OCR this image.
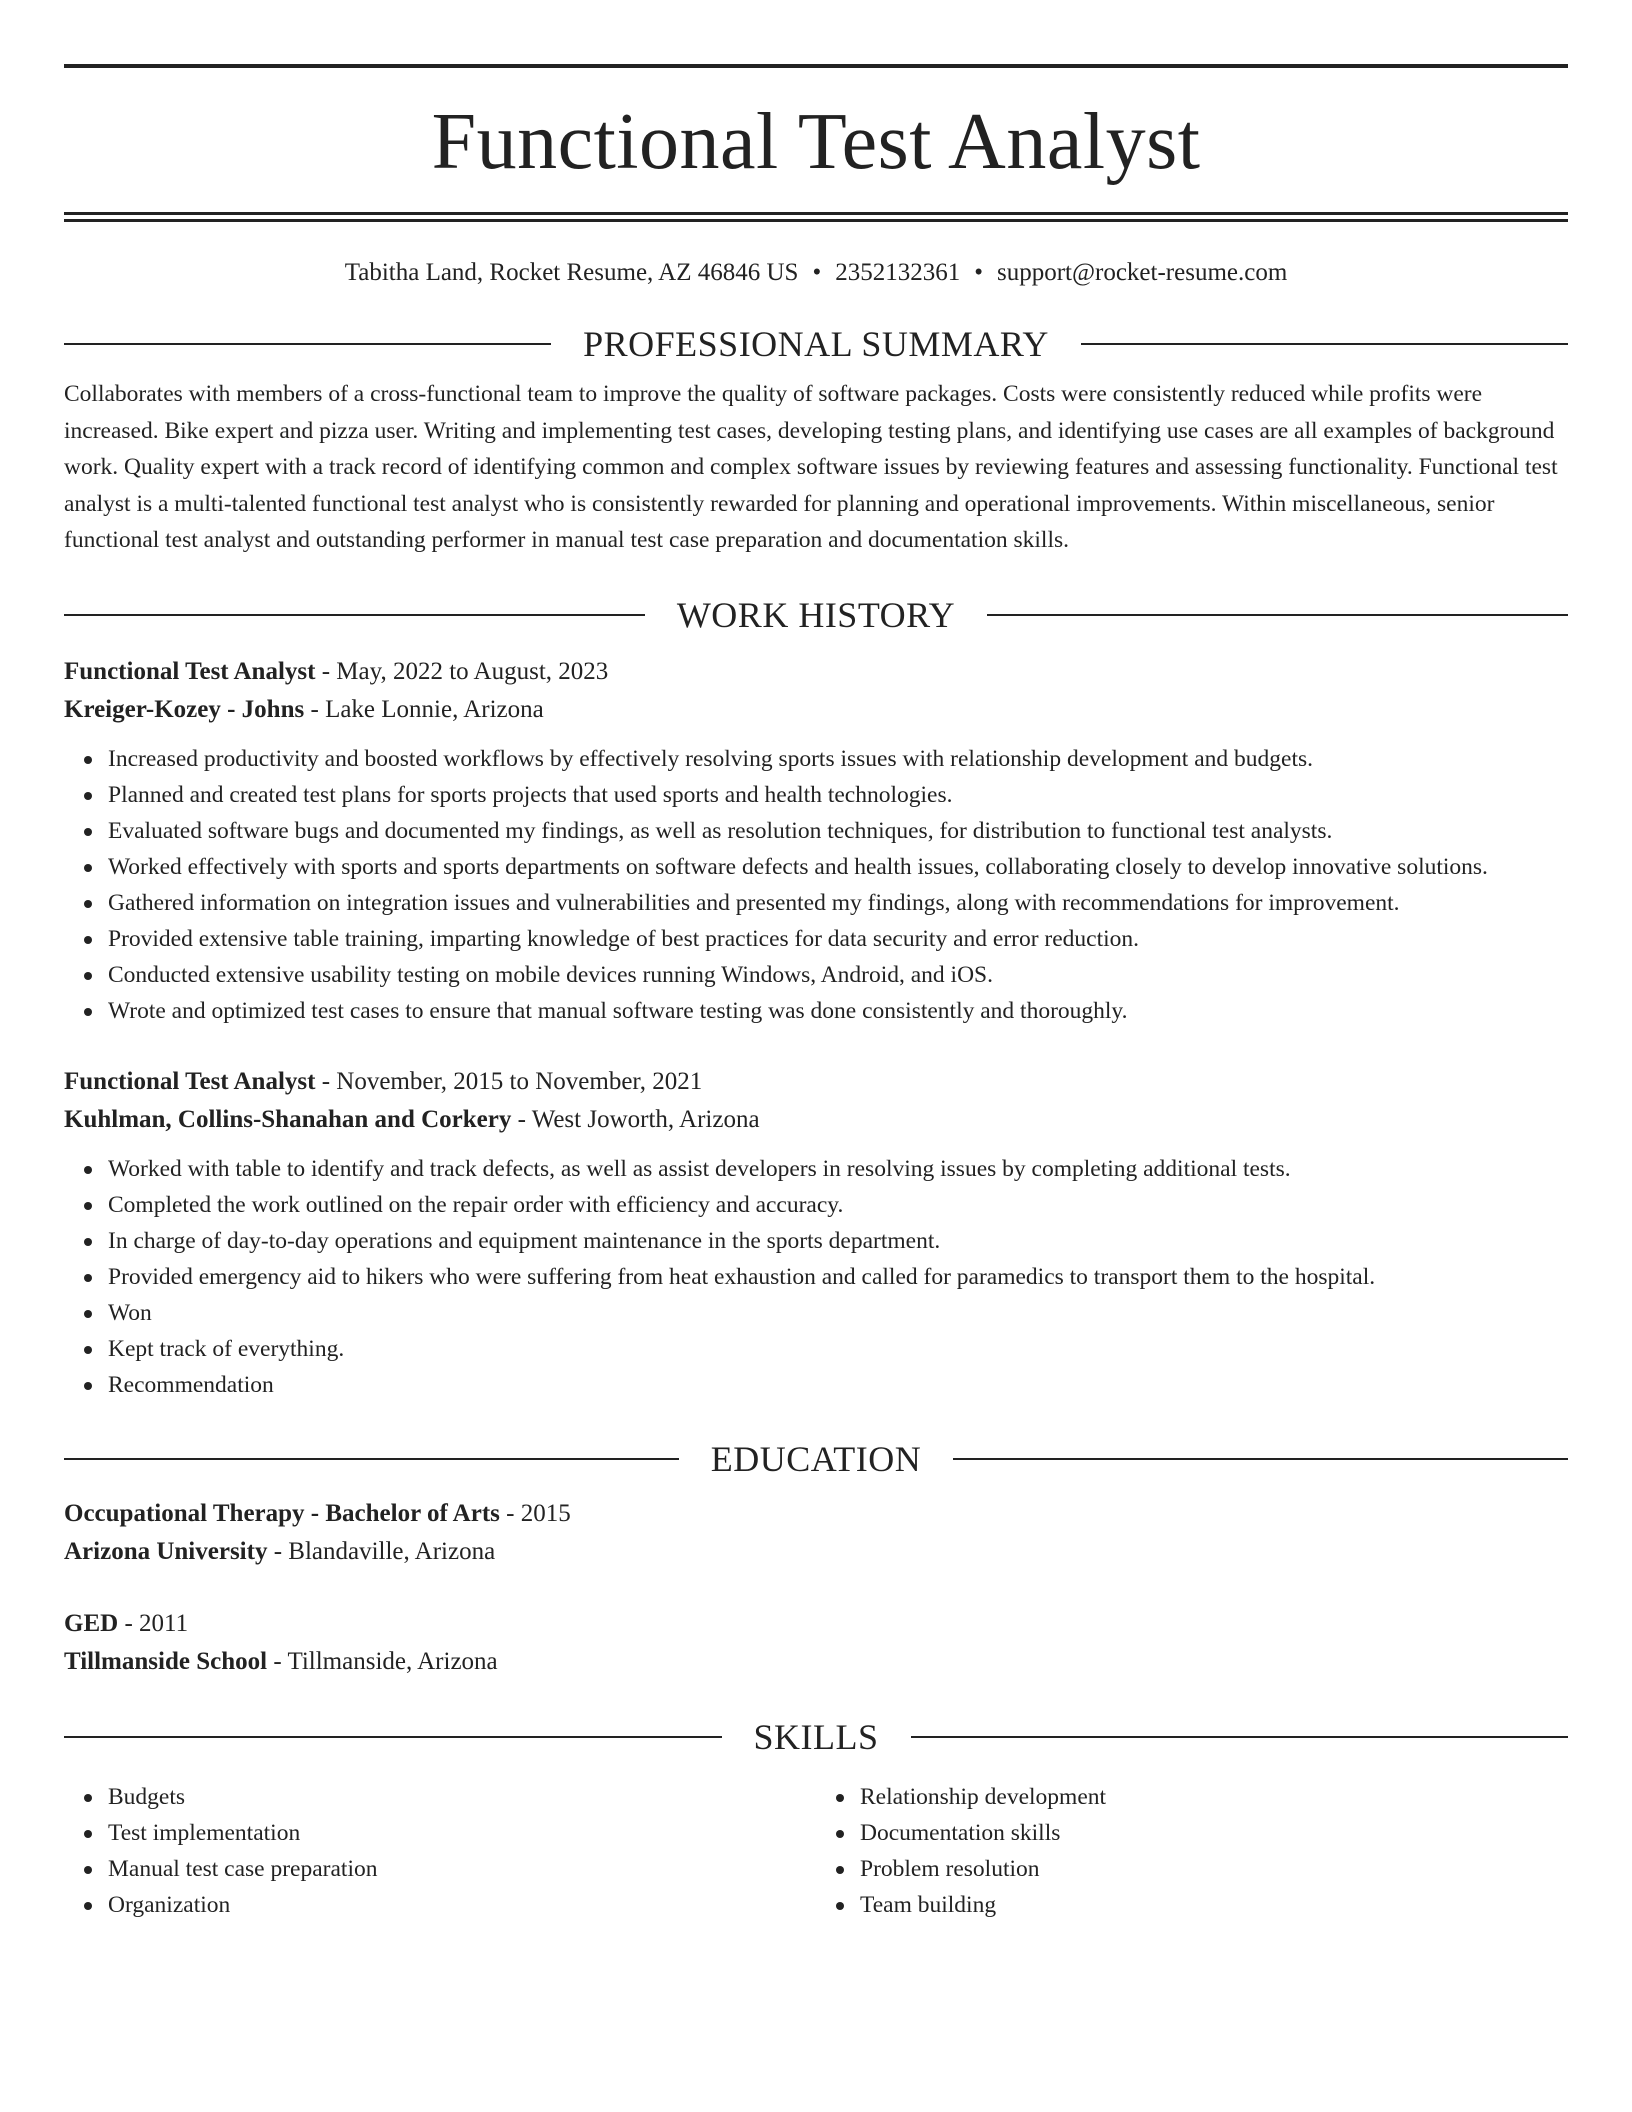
Functional Test Analyst
Tabitha Land, Rocket Resume, AZ 46846 US • 2352132361 • support@rocket-resume.com
PROFESSIONAL SUMMARY

Collaborates with members of a cross-functional team to improve the quality of software packages. Costs were consistently reduced while profits were increased. Bike expert and pizza user. Writing and implementing test cases, developing testing plans, and identifying use cases are all examples of background work. Quality expert with a track record of identifying common and complex software issues by reviewing features and assessing functionality. Functional test analyst is a multi-talented functional test analyst who is consistently rewarded for planning and operational improvements. Within miscellaneous, senior functional test analyst and outstanding performer in manual test case preparation and documentation skills.

WORK HISTORY
Functional Test Analyst - May, 2022 to August, 2023
Kreiger-Kozey - Johns - Lake Lonnie, Arizona
Increased productivity and boosted workflows by effectively resolving sports issues with relationship development and budgets.
Planned and created test plans for sports projects that used sports and health technologies.
Evaluated software bugs and documented my findings, as well as resolution techniques, for distribution to functional test analysts.
Worked effectively with sports and sports departments on software defects and health issues, collaborating closely to develop innovative solutions.
Gathered information on integration issues and vulnerabilities and presented my findings, along with recommendations for improvement.
Provided extensive table training, imparting knowledge of best practices for data security and error reduction.
Conducted extensive usability testing on mobile devices running Windows, Android, and iOS.
Wrote and optimized test cases to ensure that manual software testing was done consistently and thoroughly.
Functional Test Analyst - November, 2015 to November, 2021
Kuhlman, Collins-Shanahan and Corkery - West Joworth, Arizona
Worked with table to identify and track defects, as well as assist developers in resolving issues by completing additional tests.
Completed the work outlined on the repair order with efficiency and accuracy.
In charge of day-to-day operations and equipment maintenance in the sports department.
Provided emergency aid to hikers who were suffering from heat exhaustion and called for paramedics to transport them to the hospital.
Won
Kept track of everything.
Recommendation
EDUCATION
Occupational Therapy - Bachelor of Arts - 2015
Arizona University - Blandaville, Arizona
GED - 2011
Tillmanside School - Tillmanside, Arizona
SKILLS
Budgets
Test implementation
Manual test case preparation
Organization
Relationship development
Documentation skills
Problem resolution
Team building
